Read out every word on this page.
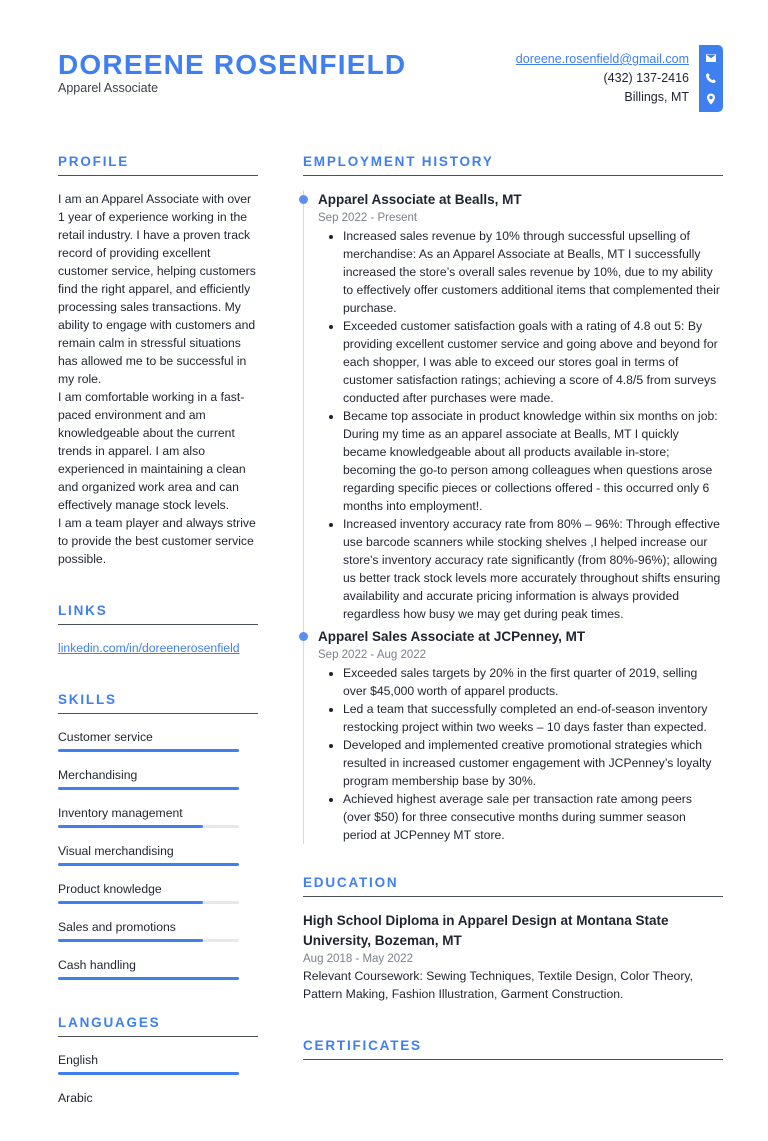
DOREENE ROSENFIELD
Apparel Associate
doreene.rosenfield@gmail.com
(432) 137-2416
Billings, MT
PROFILE
I am an Apparel Associate with over 1 year of experience working in the retail industry. I have a proven track record of providing excellent customer service, helping customers find the right apparel, and efficiently processing sales transactions. My ability to engage with customers and remain calm in stressful situations has allowed me to be successful in my role.
I am comfortable working in a fast-paced environment and am knowledgeable about the current trends in apparel. I am also experienced in maintaining a clean and organized work area and can effectively manage stock levels.
I am a team player and always strive to provide the best customer service possible.
LINKS
linkedin.com/in/doreenerosenfield
SKILLS
Customer service
Merchandising
Inventory management
Visual merchandising
Product knowledge
Sales and promotions
Cash handling
LANGUAGES
English
Arabic
EMPLOYMENT HISTORY
Apparel Associate at Bealls, MT
Sep 2022 - Present
• Increased sales revenue by 10% through successful upselling of merchandise: As an Apparel Associate at Bealls, MT I successfully increased the store’s overall sales revenue by 10%, due to my ability to effectively offer customers additional items that complemented their purchase.
• Exceeded customer satisfaction goals with a rating of 4.8 out 5: By providing excellent customer service and going above and beyond for each shopper, I was able to exceed our stores goal in terms of customer satisfaction ratings; achieving a score of 4.8/5 from surveys conducted after purchases were made.
• Became top associate in product knowledge within six months on job: During my time as an apparel associate at Bealls, MT I quickly became knowledgeable about all products available in-store; becoming the go-to person among colleagues when questions arose regarding specific pieces or collections offered - this occurred only 6 months into employment!.
• Increased inventory accuracy rate from 80% – 96%: Through effective use barcode scanners while stocking shelves ,I helped increase our store's inventory accuracy rate significantly (from 80%-96%); allowing us better track stock levels more accurately throughout shifts ensuring availability and accurate pricing information is always provided regardless how busy we may get during peak times.
Apparel Sales Associate at JCPenney, MT
Sep 2022 - Aug 2022
• Exceeded sales targets by 20% in the first quarter of 2019, selling over $45,000 worth of apparel products.
• Led a team that successfully completed an end-of-season inventory restocking project within two weeks – 10 days faster than expected.
• Developed and implemented creative promotional strategies which resulted in increased customer engagement with JCPenney’s loyalty program membership base by 30%.
• Achieved highest average sale per transaction rate among peers (over $50) for three consecutive months during summer season period at JCPenney MT store.
EDUCATION
High School Diploma in Apparel Design at Montana State University, Bozeman, MT
Aug 2018 - May 2022
Relevant Coursework: Sewing Techniques, Textile Design, Color Theory, Pattern Making, Fashion Illustration, Garment Construction.
CERTIFICATES
